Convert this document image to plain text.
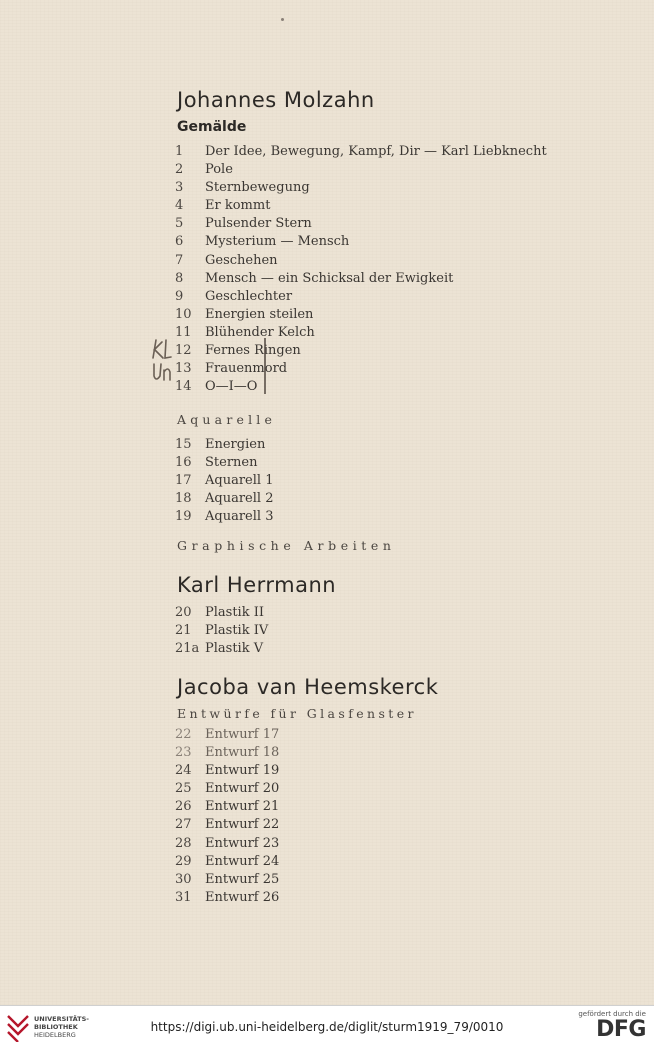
Johannes Molzahn
Gemälde
1	Der Idee, Bewegung, Kampf, Dir — Karl Liebknecht
2	Pole
3	Sternbewegung
4	Er kommt
5	Pulsender Stern
6	Mysterium — Mensch
7	Geschehen
8	Mensch — ein Schicksal der Ewigkeit
9	Geschlechter
10	Energien steilen
11	Blühender Kelch
12	Fernes Ringen
13	Frauenmord
14	O—I—O
Aquarelle
15	Energien
16	Sternen
17	Aquarell 1
18	Aquarell 2
19	Aquarell 3
Graphische Arbeiten
Karl Herrmann
20	Plastik II
21	Plastik IV
21a Plastik V
Jacoba van Heemskerck
Entwürfe für Glasfenster
22	Entwurf 17
23	Entwurf 18
24	Entwurf 19
25	Entwurf 20
26	Entwurf 21
27	Entwurf 22
28	Entwurf 23
29	Entwurf 24
30	Entwurf 25
31	Entwurf 26
UNIVERSITÄTS-
BIBLIOTHEK
HEIDELBERG
https://digi.ub.uni-heidelberg.de/diglit/sturm1919_79/0010
gefördert durch die
DFG
